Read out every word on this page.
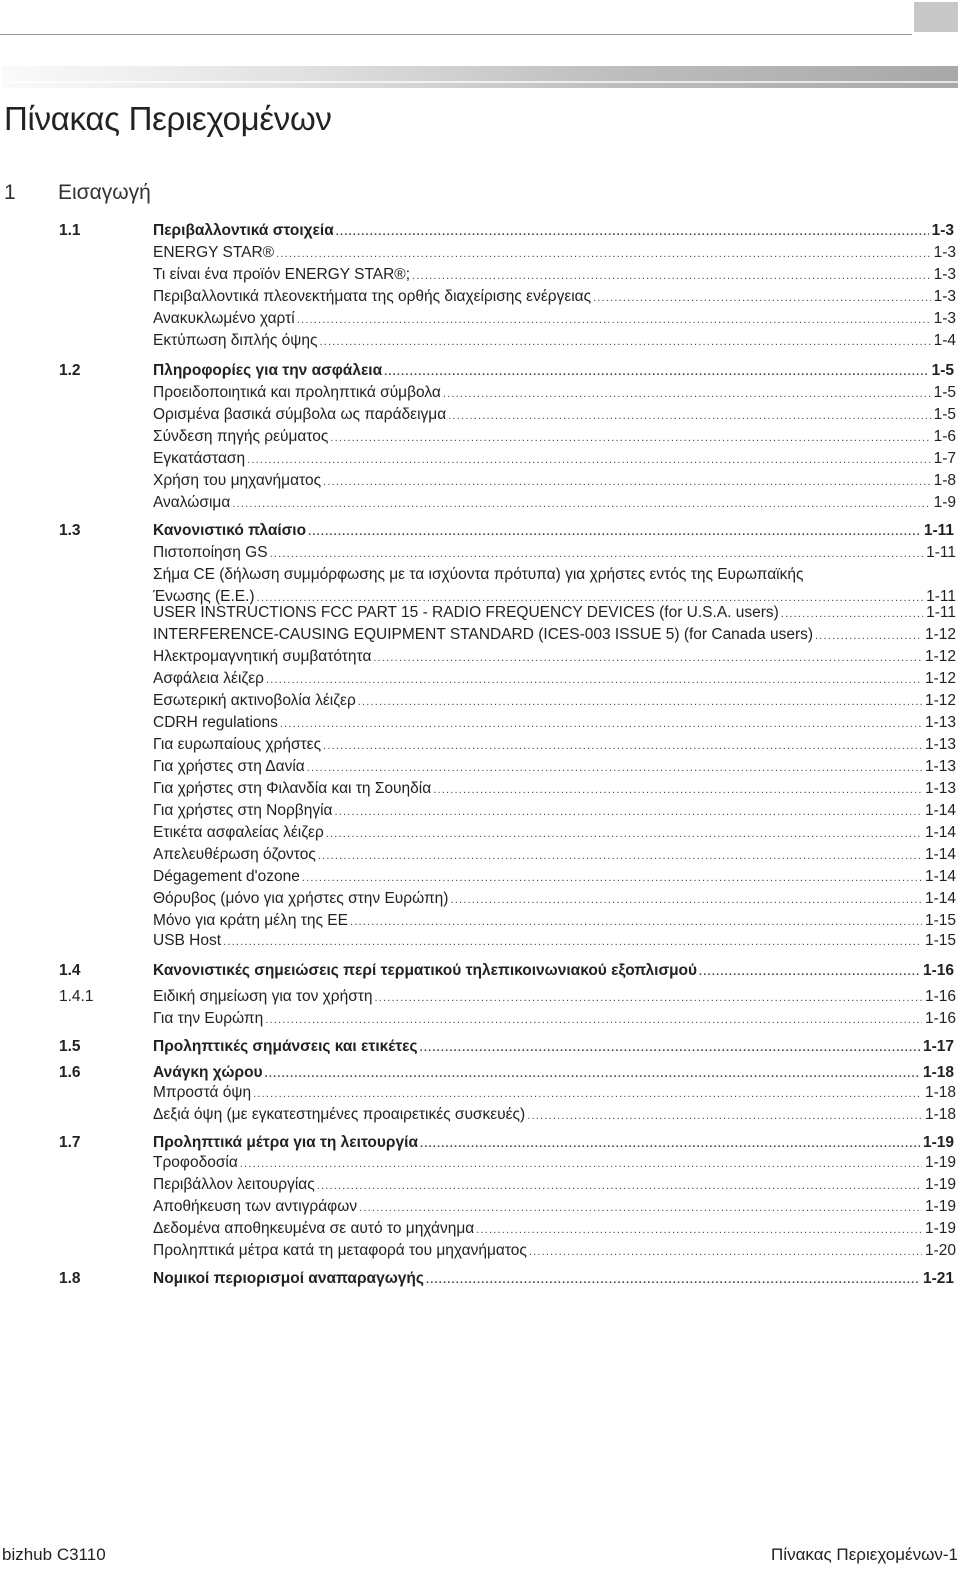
Πίνακας Περιεχομένων
1 Εισαγωγή
1.1	Περιβαλλοντικά στοιχεία .....	1-3
ENERGY STAR® .....	1-3
Τι είναι ένα προϊόν ENERGY STAR®; .....	1-3
Περιβαλλοντικά πλεονεκτήματα της ορθής διαχείρισης ενέργειας .....	1-3
Ανακυκλωμένο χαρτί .....	1-3
Εκτύπωση διπλής όψης .....	1-4
1.2	Πληροφορίες για την ασφάλεια .....	1-5
Προειδοποιητικά και προληπτικά σύμβολα .....	1-5
Ορισμένα βασικά σύμβολα ως παράδειγμα .....	1-5
Σύνδεση πηγής ρεύματος .....	1-6
Εγκατάσταση .....	1-7
Χρήση του μηχανήματος .....	1-8
Αναλώσιμα .....	1-9
1.3	Κανονιστικό πλαίσιο .....	1-11
Πιστοποίηση GS .....	1-11
Σήμα CE (δήλωση συμμόρφωσης με τα ισχύοντα πρότυπα) για χρήστες εντός της Ευρωπαϊκής
Ένωσης (Ε.Ε.) .....	1-11
USER INSTRUCTIONS FCC PART 15 - RADIO FREQUENCY DEVICES (for U.S.A. users) .....	1-11
INTERFERENCE-CAUSING EQUIPMENT STANDARD (ICES-003 ISSUE 5) (for Canada users) .....	1-12
Ηλεκτρομαγνητική συμβατότητα .....	1-12
Ασφάλεια λέιζερ .....	1-12
Εσωτερική ακτινοβολία λέιζερ .....	1-12
CDRH regulations .....	1-13
Για ευρωπαίους χρήστες .....	1-13
Για χρήστες στη Δανία .....	1-13
Για χρήστες στη Φιλανδία και τη Σουηδία .....	1-13
Για χρήστες στη Νορβηγία .....	1-14
Ετικέτα ασφαλείας λέιζερ .....	1-14
Απελευθέρωση όζοντος .....	1-14
Dégagement d'ozone .....	1-14
Θόρυβος (μόνο για χρήστες στην Ευρώπη) .....	1-14
Μόνο για κράτη μέλη της ΕΕ .....	1-15
USB Host .....	1-15
1.4	Κανονιστικές σημειώσεις περί τερματικού τηλεπικοινωνιακού εξοπλισμού .....	1-16
1.4.1	Ειδική σημείωση για τον χρήστη .....	1-16
Για την Ευρώπη .....	1-16
1.5	Προληπτικές σημάνσεις και ετικέτες .....	1-17
1.6	Ανάγκη χώρου .....	1-18
Μπροστά όψη .....	1-18
Δεξιά όψη (με εγκατεστημένες προαιρετικές συσκευές) .....	1-18
1.7	Προληπτικά μέτρα για τη λειτουργία .....	1-19
Τροφοδοσία .....	1-19
Περιβάλλον λειτουργίας .....	1-19
Αποθήκευση των αντιγράφων .....	1-19
Δεδομένα αποθηκευμένα σε αυτό το μηχάνημα .....	1-19
Προληπτικά μέτρα κατά τη μεταφορά του μηχανήματος .....	1-20
1.8	Νομικοί περιορισμοί αναπαραγωγής .....	1-21
bizhub C3110	Πίνακας Περιεχομένων-1
